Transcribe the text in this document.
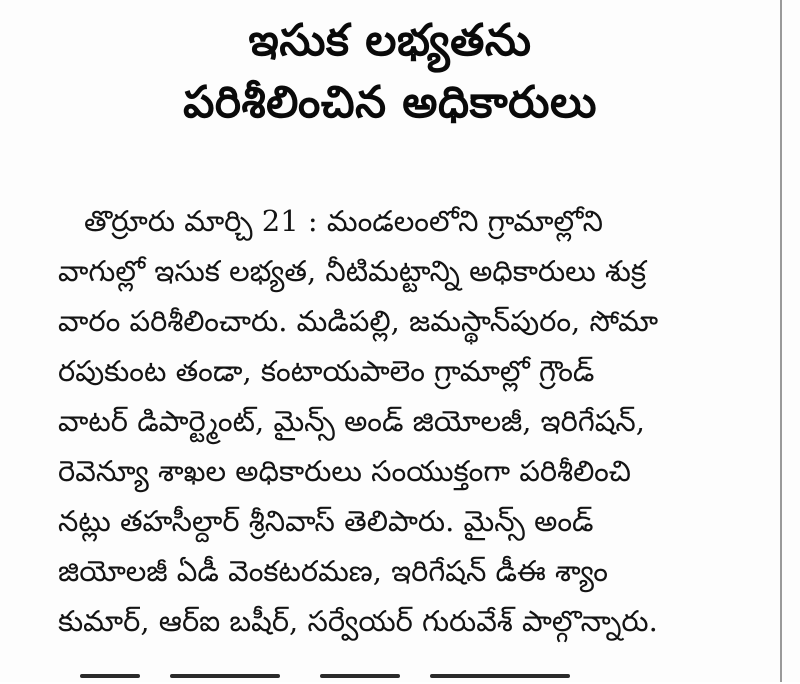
ఇసుక లభ్యతను
పరిశీలించిన అధికారులు
తొర్రూరు మార్చి 21 : మండలంలోని గ్రామాల్లోని
వాగుల్లో ఇసుక లభ్యత, నీటిమట్టాన్ని అధికారులు శుక్ర
వారం పరిశీలించారు. మడిపల్లి, జమస్థాన్‌పురం, సోమా
రపుకుంట తండా, కంటాయపాలెం గ్రామాల్లో గ్రౌండ్
వాటర్ డిపార్ట్మెంట్, మైన్స్ అండ్ జియోలజీ, ఇరిగేషన్,
రెవెన్యూ శాఖల అధికారులు సంయుక్తంగా పరిశీలించి
నట్లు తహసీల్దార్ శ్రీనివాస్ తెలిపారు. మైన్స్ అండ్
జియోలజీ ఏడీ వెంకటరమణ, ఇరిగేషన్ డీఈ శ్యాం
కుమార్, ఆర్ఐ బషీర్, సర్వేయర్ గురువేశ్ పాల్గొన్నారు.
